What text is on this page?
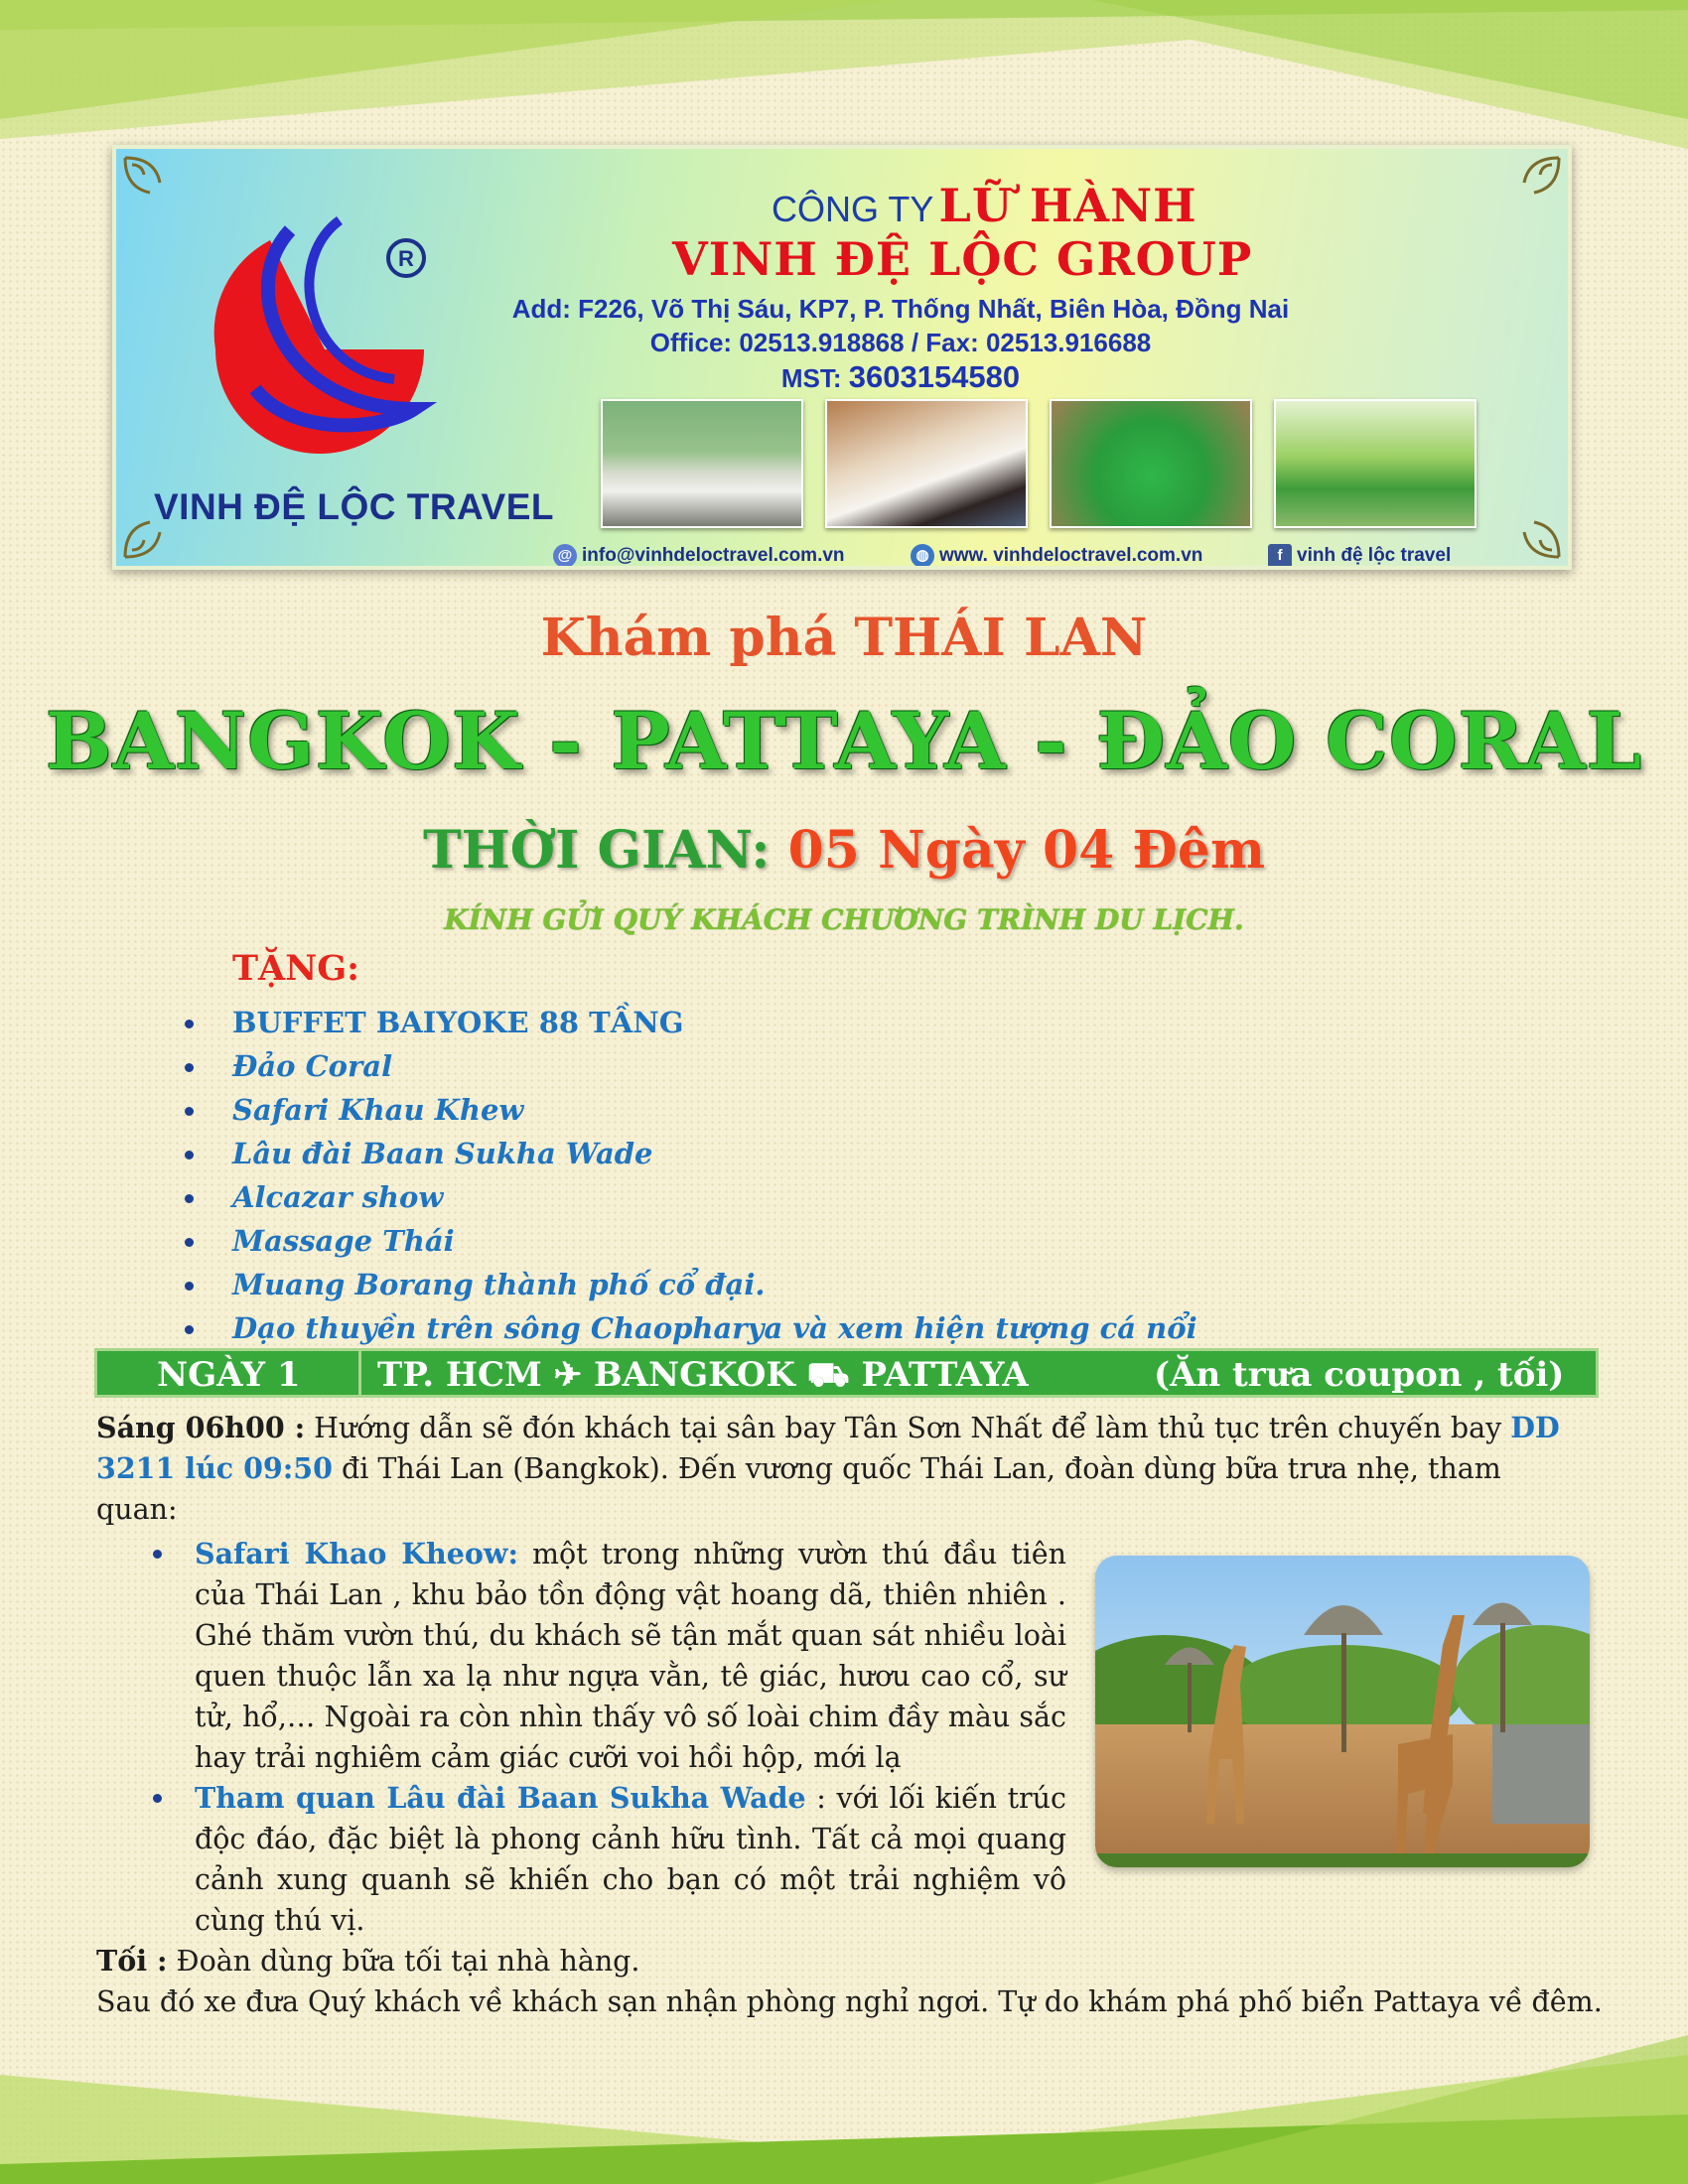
R
VINH ĐỆ LỘC TRAVEL
CÔNG TY LỮ HÀNH
VINH ĐỆ LỘC GROUP
Add: F226, Võ Thị Sáu, KP7, P. Thống Nhất, Biên Hòa, Đồng Nai
Office: 02513.918868 / Fax: 02513.916688
MST: 3603154580
@ info@vinhdeloctravel.com.vn	◍ www. vinhdeloctravel.com.vn	f vinh đệ lộc travel
Khám phá THÁI LAN
BANGKOK - PATTAYA - ĐẢO CORAL
THỜI GIAN: 05 Ngày 04 Đêm
KÍNH GỬI QUÝ KHÁCH CHƯƠNG TRÌNH DU LỊCH.
TẶNG:
BUFFET BAIYOKE 88 TẦNG
Đảo Coral
Safari Khau Khew
Lâu đài Baan Sukha Wade
Alcazar show
Massage Thái
Muang Borang thành phố cổ đại.
Dạo thuyền trên sông Chaopharya và xem hiện tượng cá nổi
NGÀY 1 TP. HCM ✈ BANGKOK ⛟ PATTAYA	(Ăn trưa coupon , tối)
Sáng 06h00 : Hướng dẫn sẽ đón khách tại sân bay Tân Sơn Nhất để làm thủ tục trên chuyến bay DD 3211 lúc 09:50 đi Thái Lan (Bangkok). Đến vương quốc Thái Lan, đoàn dùng bữa trưa nhẹ, tham quan:
Safari Khao Kheow: một trong những vườn thú đầu tiên của Thái Lan , khu bảo tồn động vật hoang dã, thiên nhiên . Ghé thăm vườn thú, du khách sẽ tận mắt quan sát nhiều loài quen thuộc lẫn xa lạ như ngựa vằn, tê giác, hươu cao cổ, sư tử, hổ,… Ngoài ra còn nhìn thấy vô số loài chim đầy màu sắc hay trải nghiêm cảm giác cưỡi voi hồi hộp, mới lạ
Tham quan Lâu đài Baan Sukha Wade : với lối kiến trúc độc đáo, đặc biệt là phong cảnh hữu tình. Tất cả mọi quang cảnh xung quanh sẽ khiến cho bạn có một trải nghiệm vô cùng thú vị.
Tối : Đoàn dùng bữa tối tại nhà hàng.
Sau đó xe đưa Quý khách về khách sạn nhận phòng nghỉ ngơi. Tự do khám phá phố biển Pattaya về đêm.
